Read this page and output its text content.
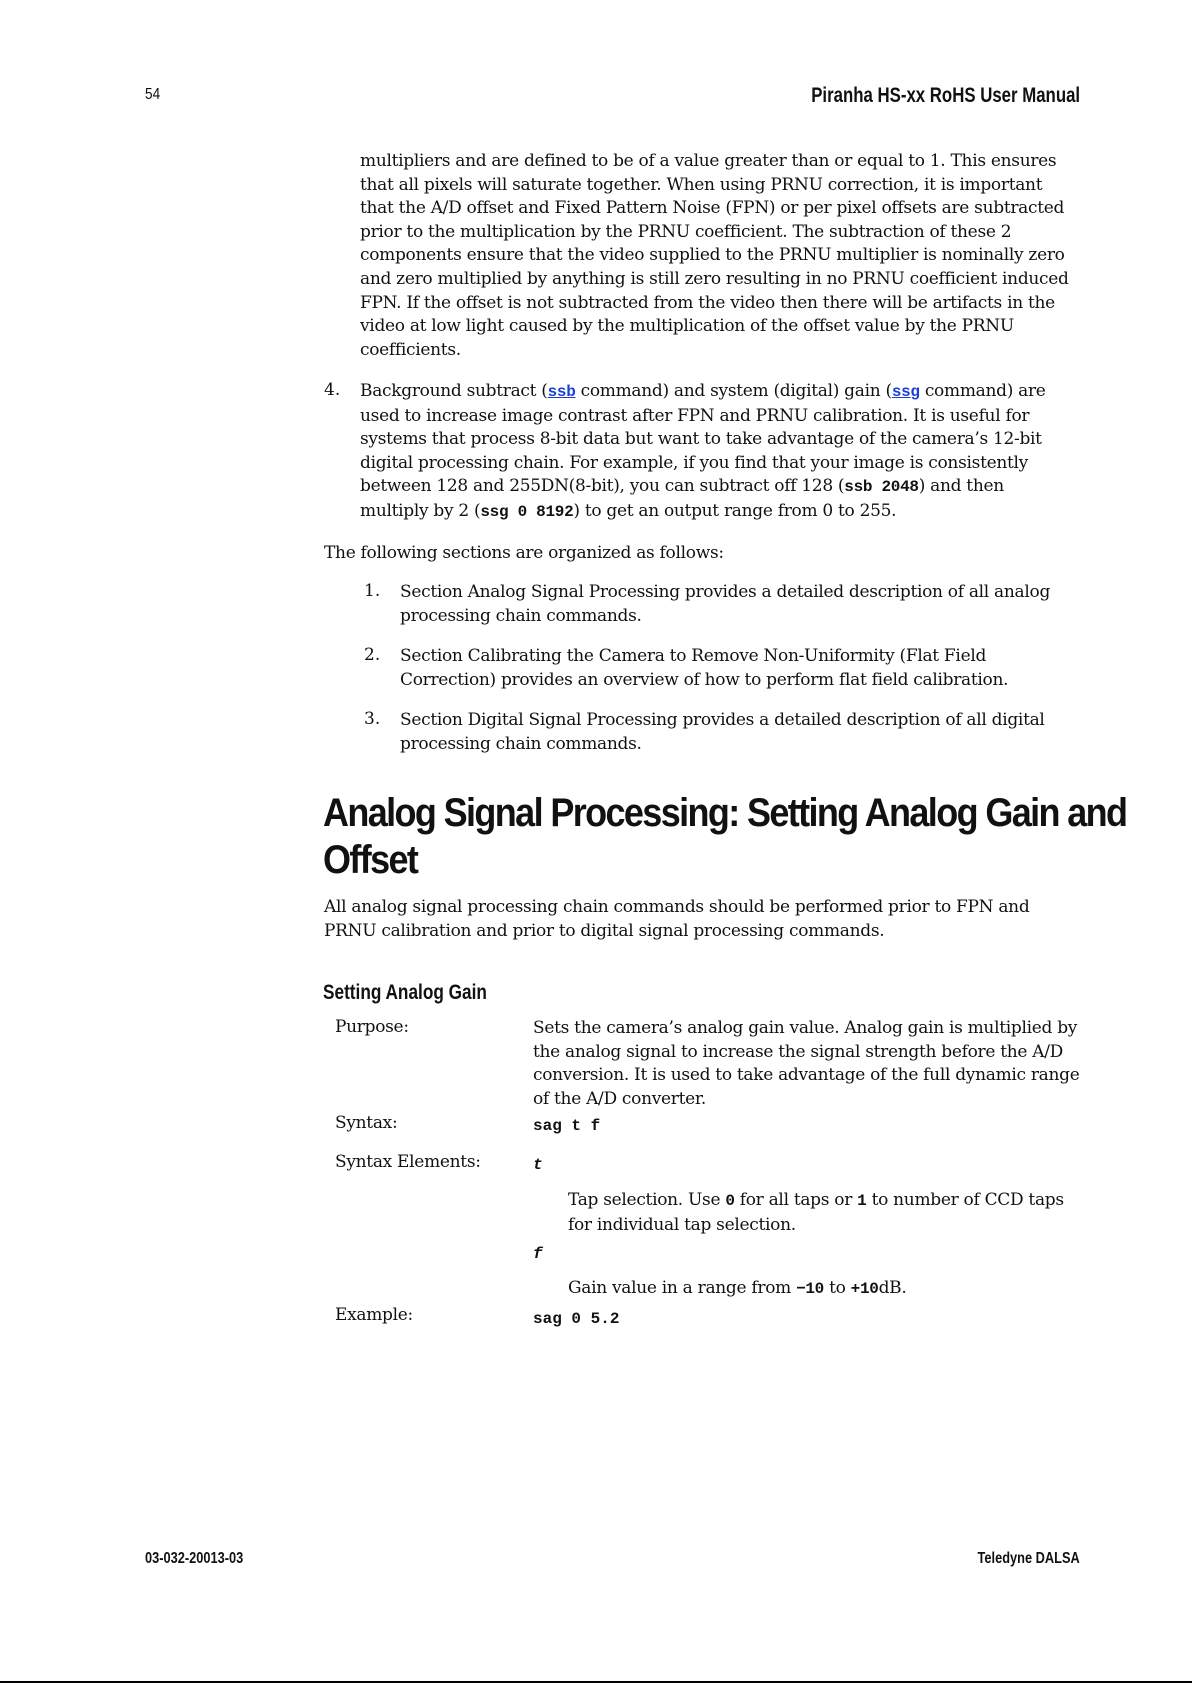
54	Piranha HS-xx RoHS User Manual
multipliers and are defined to be of a value greater than or equal to 1. This ensures
that all pixels will saturate together. When using PRNU correction, it is important
that the A/D offset and Fixed Pattern Noise (FPN) or per pixel offsets are subtracted
prior to the multiplication by the PRNU coefficient. The subtraction of these 2
components ensure that the video supplied to the PRNU multiplier is nominally zero
and zero multiplied by anything is still zero resulting in no PRNU coefficient induced
FPN. If the offset is not subtracted from the video then there will be artifacts in the
video at low light caused by the multiplication of the offset value by the PRNU
coefficients.
4. Background subtract (ssb command) and system (digital) gain (ssg command) are
used to increase image contrast after FPN and PRNU calibration. It is useful for
systems that process 8-bit data but want to take advantage of the camera’s 12-bit
digital processing chain. For example, if you find that your image is consistently
between 128 and 255DN(8-bit), you can subtract off 128 (ssb 2048) and then
multiply by 2 (ssg 0 8192) to get an output range from 0 to 255.
The following sections are organized as follows:
1. Section Analog Signal Processing provides a detailed description of all analog
processing chain commands.
2. Section Calibrating the Camera to Remove Non-Uniformity (Flat Field
Correction) provides an overview of how to perform flat field calibration.
3. Section Digital Signal Processing provides a detailed description of all digital
processing chain commands.
Analog Signal Processing: Setting Analog Gain and
Offset
All analog signal processing chain commands should be performed prior to FPN and
PRNU calibration and prior to digital signal processing commands.
Setting Analog Gain
Purpose:	Sets the camera’s analog gain value. Analog gain is multiplied by
the analog signal to increase the signal strength before the A/D
conversion. It is used to take advantage of the full dynamic range
of the A/D converter.
Syntax:	sag t f
Syntax Elements:	t
Tap selection. Use 0 for all taps or 1 to number of CCD taps
for individual tap selection.
f
Gain value in a range from −10 to +10dB.
Example:	sag 0 5.2
03-032-20013-03	Teledyne DALSA
